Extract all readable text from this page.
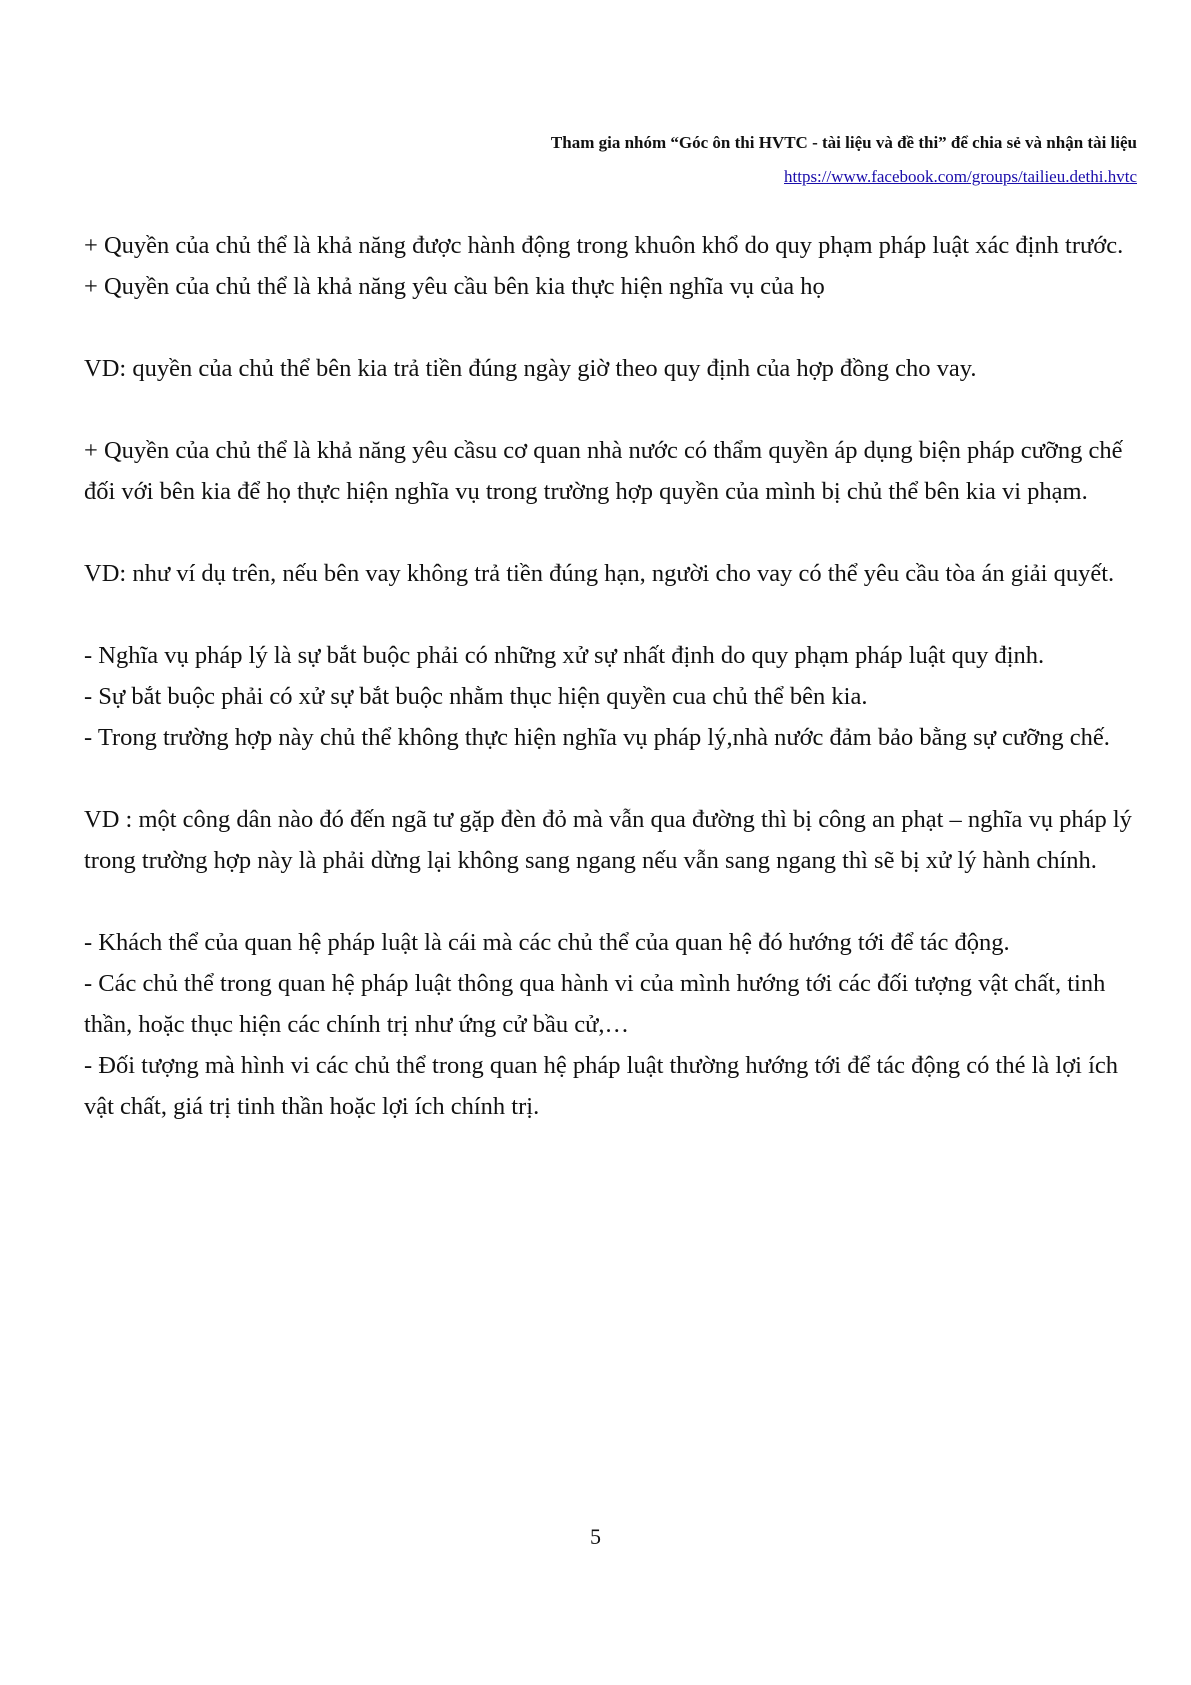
Tham gia nhóm “Góc ôn thi HVTC - tài liệu và đề thi” để chia sẻ và nhận tài liệu

https://www.facebook.com/groups/tailieu.dethi.hvtc

+ Quyền của chủ thể là khả năng được hành động trong khuôn khổ do quy phạm pháp luật xác định trước.

+ Quyền của chủ thể là khả năng yêu cầu bên kia thực hiện nghĩa vụ của họ

VD: quyền của chủ thể bên kia trả tiền đúng ngày giờ theo quy định của hợp đồng cho vay.

+ Quyền của chủ thể là khả năng yêu cầsu cơ quan nhà nước có thẩm quyền áp dụng biện pháp cưỡng chế đối với bên kia để họ thực hiện nghĩa vụ trong trường hợp quyền của mình bị chủ thể bên kia vi phạm.

VD: như ví dụ trên, nếu bên vay không trả tiền đúng hạn, người cho vay có thể yêu cầu tòa án giải quyết.

- Nghĩa vụ pháp lý là sự bắt buộc phải có những xử sự nhất định do quy phạm pháp luật quy định.

- Sự bắt buộc phải có xử sự bắt buộc nhằm thục hiện quyền cua chủ thể bên kia.

- Trong trường hợp này chủ thể không thực hiện nghĩa vụ pháp lý,nhà nước đảm bảo bằng sự cưỡng chế.

VD : một công dân nào đó đến ngã tư gặp đèn đỏ mà vẫn qua đường thì bị công an phạt – nghĩa vụ pháp lý trong trường hợp này là phải dừng lại không sang ngang nếu vẫn sang ngang thì sẽ bị xử lý hành chính.

- Khách thể của quan hệ pháp luật là cái mà các chủ thể của quan hệ đó hướng tới để tác động.

- Các chủ thể trong quan hệ pháp luật thông qua hành vi của mình hướng tới các đối tượng vật chất, tinh thần, hoặc thục hiện các chính trị như ứng cử bầu cử,…

- Đối tượng mà hình vi các chủ thể trong quan hệ pháp luật thường hướng tới để tác động có thé là lợi ích vật chất, giá trị tinh thần hoặc lợi ích chính trị.

5
